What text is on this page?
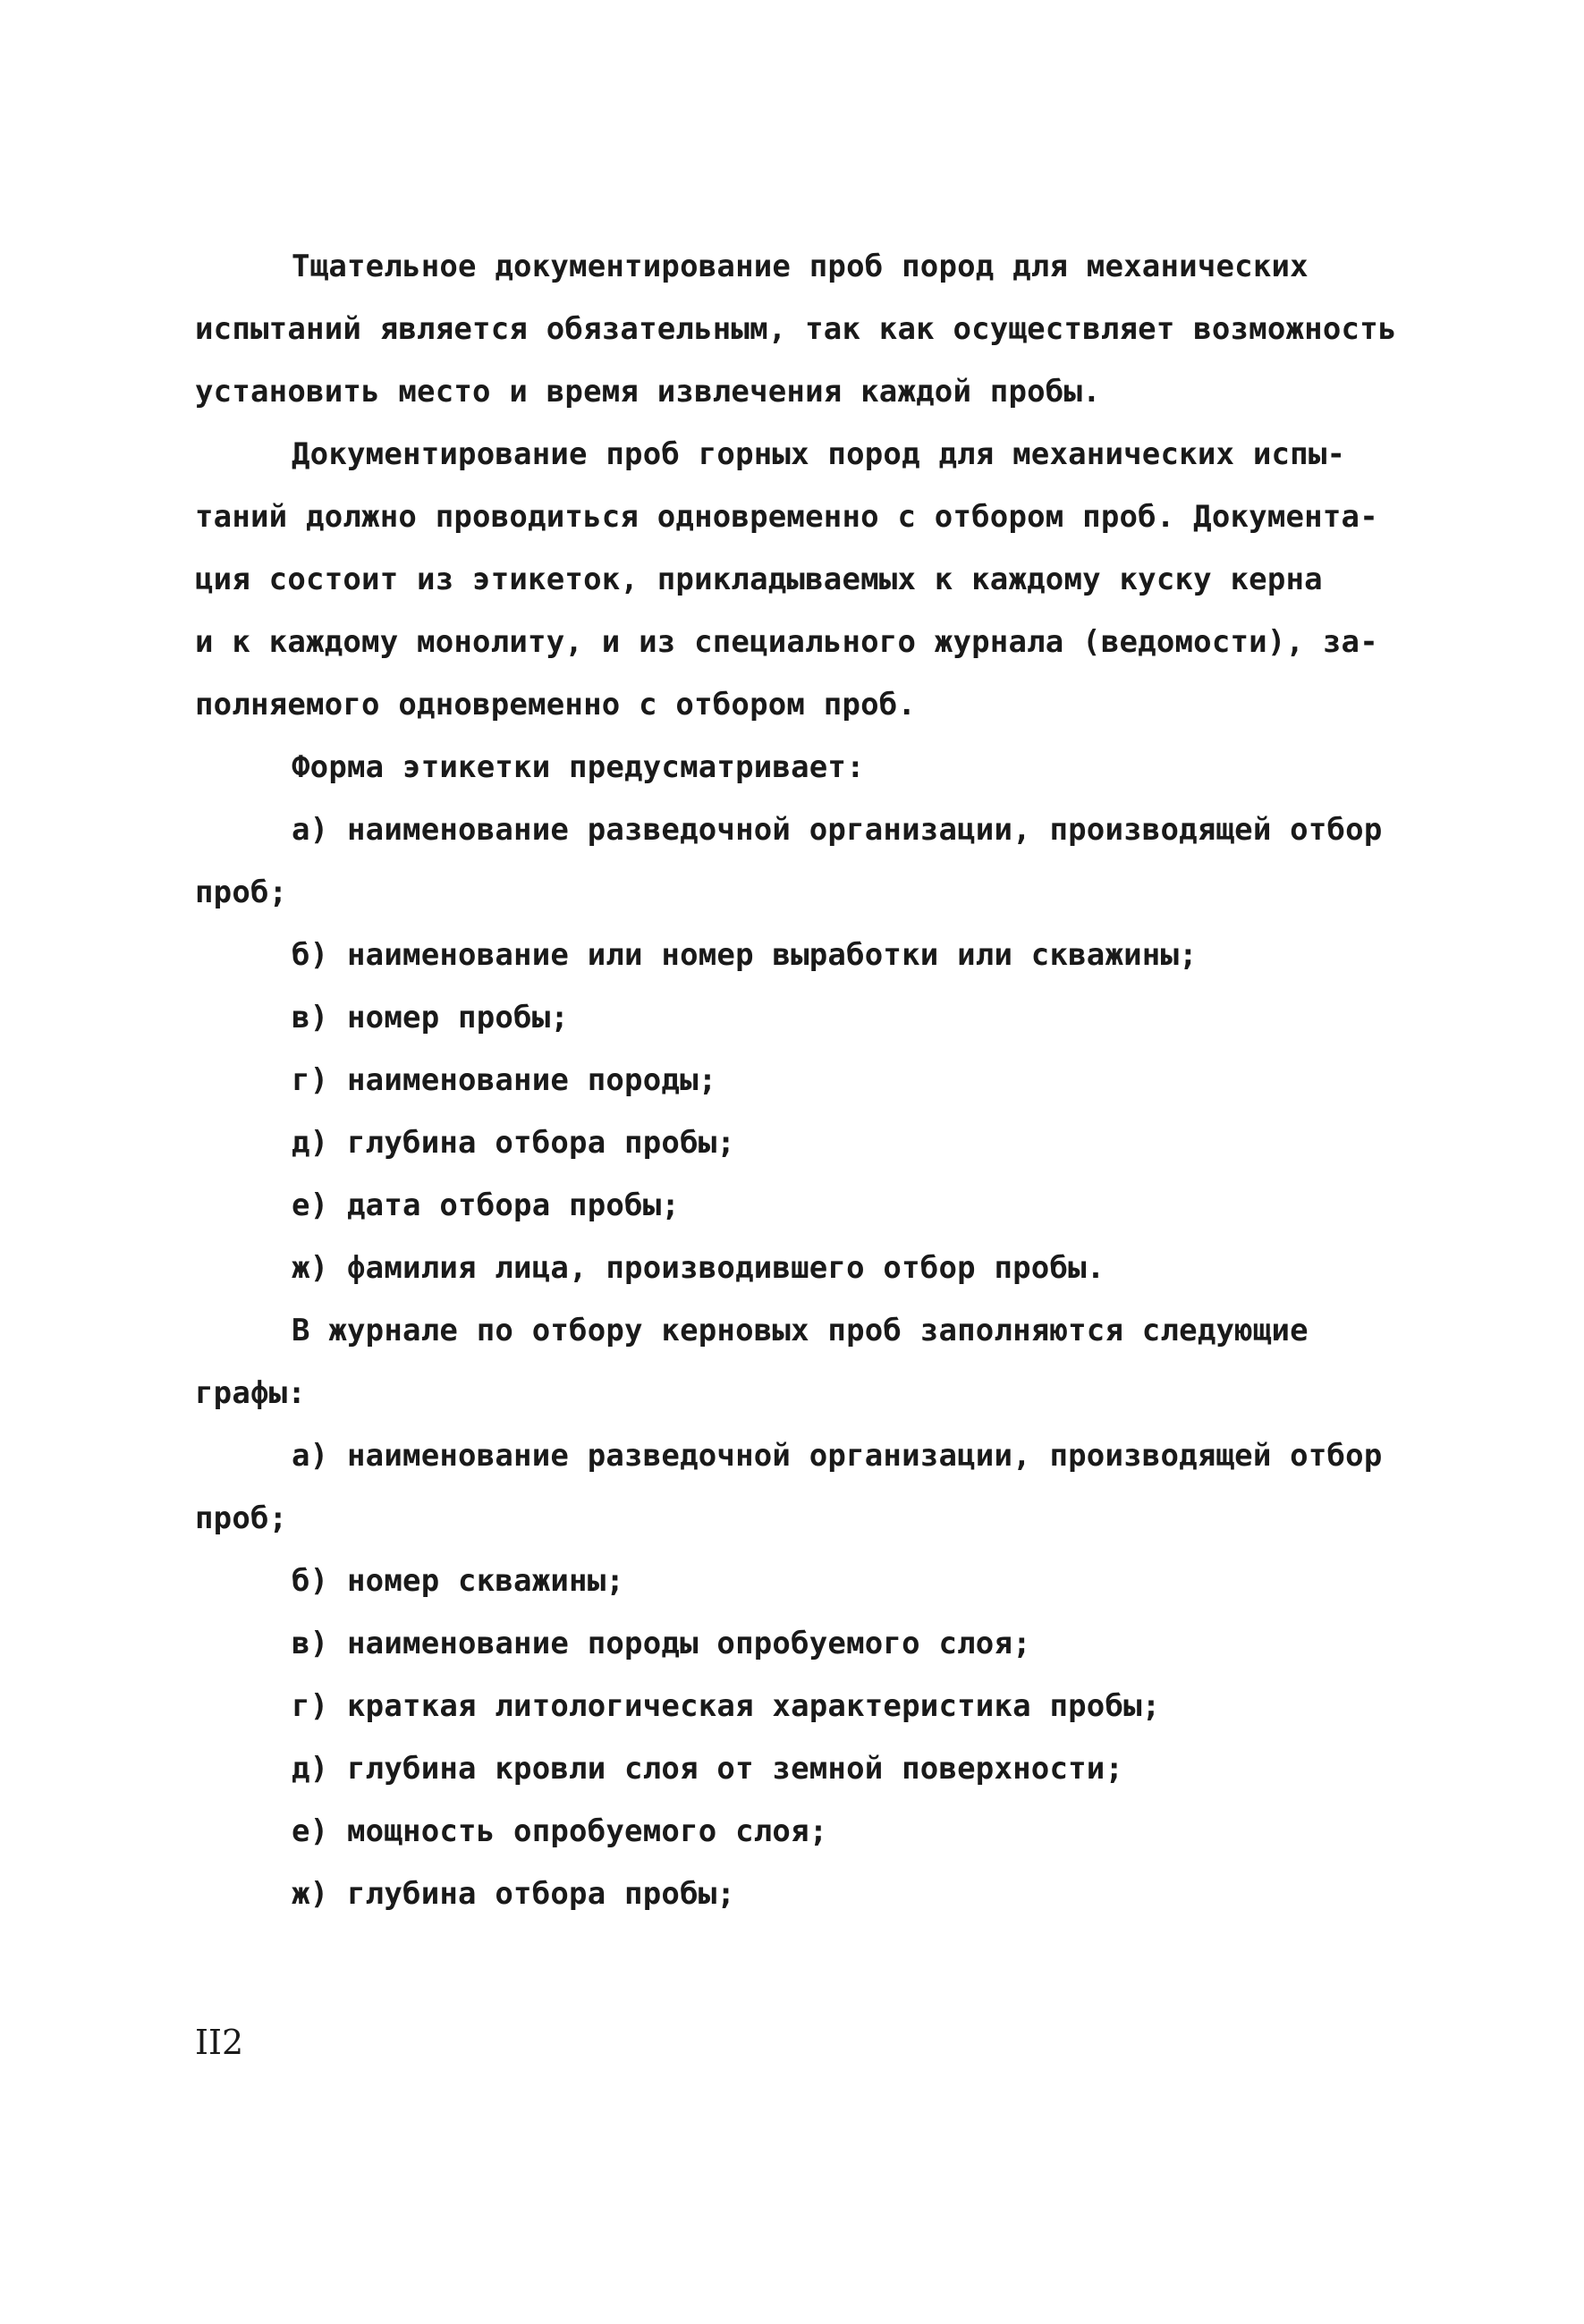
Тщательное документирование проб пород для механических
испытаний является обязательным, так как осуществляет возможность
установить место и время извлечения каждой пробы.
Документирование проб горных пород для механических испы-
таний должно проводиться одновременно с отбором проб. Документа-
ция состоит из этикеток, прикладываемых к каждому куску керна
и к каждому монолиту, и из специального журнала (ведомости), за-
полняемого одновременно с отбором проб.
Форма этикетки предусматривает:
а) наименование разведочной организации, производящей отбор
проб;
б) наименование или номер выработки или скважины;
в) номер пробы;
г) наименование породы;
д) глубина отбора пробы;
е) дата отбора пробы;
ж) фамилия лица, производившего отбор пробы.
В журнале по отбору керновых проб заполняются следующие
графы:
а) наименование разведочной организации, производящей отбор
проб;
б) номер скважины;
в) наименование породы опробуемого слоя;
г) краткая литологическая характеристика пробы;
д) глубина кровли слоя от земной поверхности;
е) мощность опробуемого слоя;
ж) глубина отбора пробы;
II2
